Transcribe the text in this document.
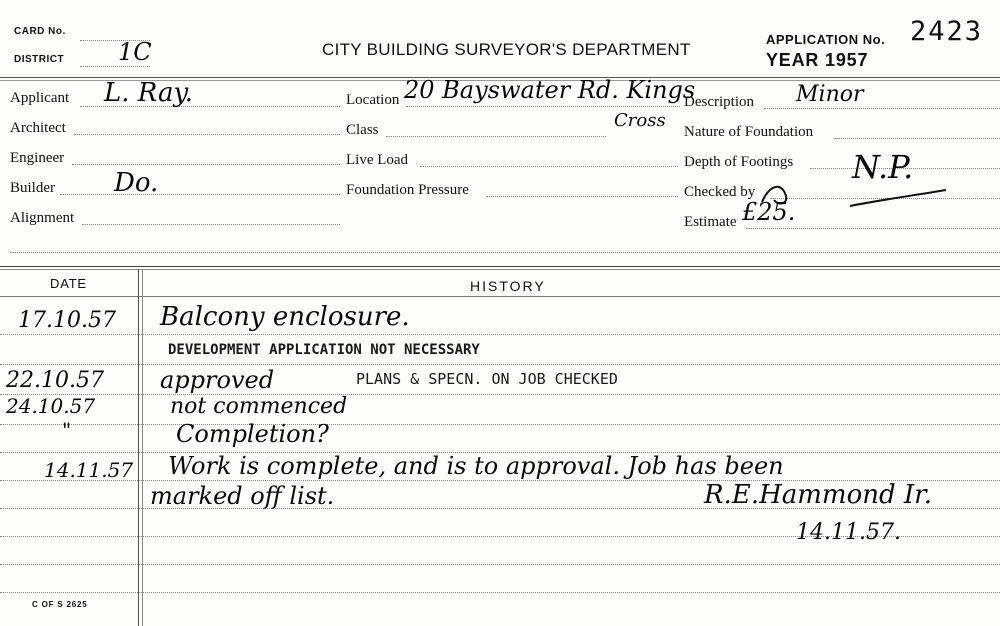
CARD No.
DISTRICT 1C	CITY BUILDING SURVEYOR'S DEPARTMENT
APPLICATION No. 2423
YEAR 1957
Applicant L. Ray.
Architect
Engineer
Builder Do.
Alignment
Location 20 Bayswater Rd. Kings
Cross
Class
Live Load
Foundation Pressure
Description Minor
Nature of Foundation
Depth of Footings N.P.
Checked by
Estimate £25.
DATE	HISTORY
17.10.57 Balcony enclosure.
DEVELOPMENT APPLICATION NOT NECESSARY
22.10.57 approved	PLANS & SPECN. ON JOB CHECKED
24.10.57	not commenced
"	Completion?
14.11.57 Work is complete, and is to approval. Job has been
marked off list.	R.E.Hammond Ir.
14.11.57.
C OF S 2625
